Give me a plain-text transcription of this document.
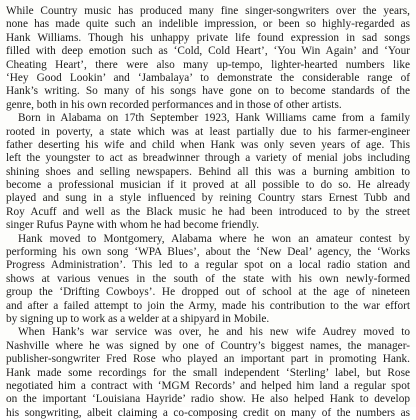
While Country music has produced many fine singer-songwriters over the years,

none has made quite such an indelible impression, or been so highly-regarded as

Hank Williams. Though his unhappy private life found expression in sad songs

filled with deep emotion such as ‘Cold, Cold Heart’, ‘You Win Again’ and ‘Your

Cheating Heart’, there were also many up-tempo, lighter-hearted numbers like

‘Hey Good Lookin’ and ‘Jambalaya’ to demonstrate the considerable range of

Hank’s writing. So many of his songs have gone on to become standards of the

genre, both in his own recorded performances and in those of other artists.

Born in Alabama on 17th September 1923, Hank Williams came from a family

rooted in poverty, a state which was at least partially due to his farmer-engineer

father deserting his wife and child when Hank was only seven years of age. This

left the youngster to act as breadwinner through a variety of menial jobs including

shining shoes and selling newspapers. Behind all this was a burning ambition to

become a professional musician if it proved at all possible to do so. He already

played and sung in a style influenced by reining Country stars Ernest Tubb and

Roy Acuff and well as the Black music he had been introduced to by the street

singer Rufus Payne with whom he had become friendly.

Hank moved to Montgomery, Alabama where he won an amateur contest by

performing his own song ‘WPA Blues’, about the ‘New Deal’ agency, the ‘Works

Progress Administration’. This led to a regular spot on a local radio station and

shows at various venues in the south of the state with his own newly-formed

group the ‘Drifting Cowboys’. He dropped out of school at the age of nineteen

and after a failed attempt to join the Army, made his contribution to the war effort

by signing up to work as a welder at a shipyard in Mobile.

When Hank’s war service was over, he and his new wife Audrey moved to

Nashville where he was signed by one of Country’s biggest names, the manager-

publisher-songwriter Fred Rose who played an important part in promoting Hank.

Hank made some recordings for the small independent ‘Sterling’ label, but Rose

negotiated him a contract with ‘MGM Records’ and helped him land a regular spot

on the important ‘Louisiana Hayride’ radio show. He also helped Hank to develop

his songwriting, albeit claiming a co-composing credit on many of the numbers as
